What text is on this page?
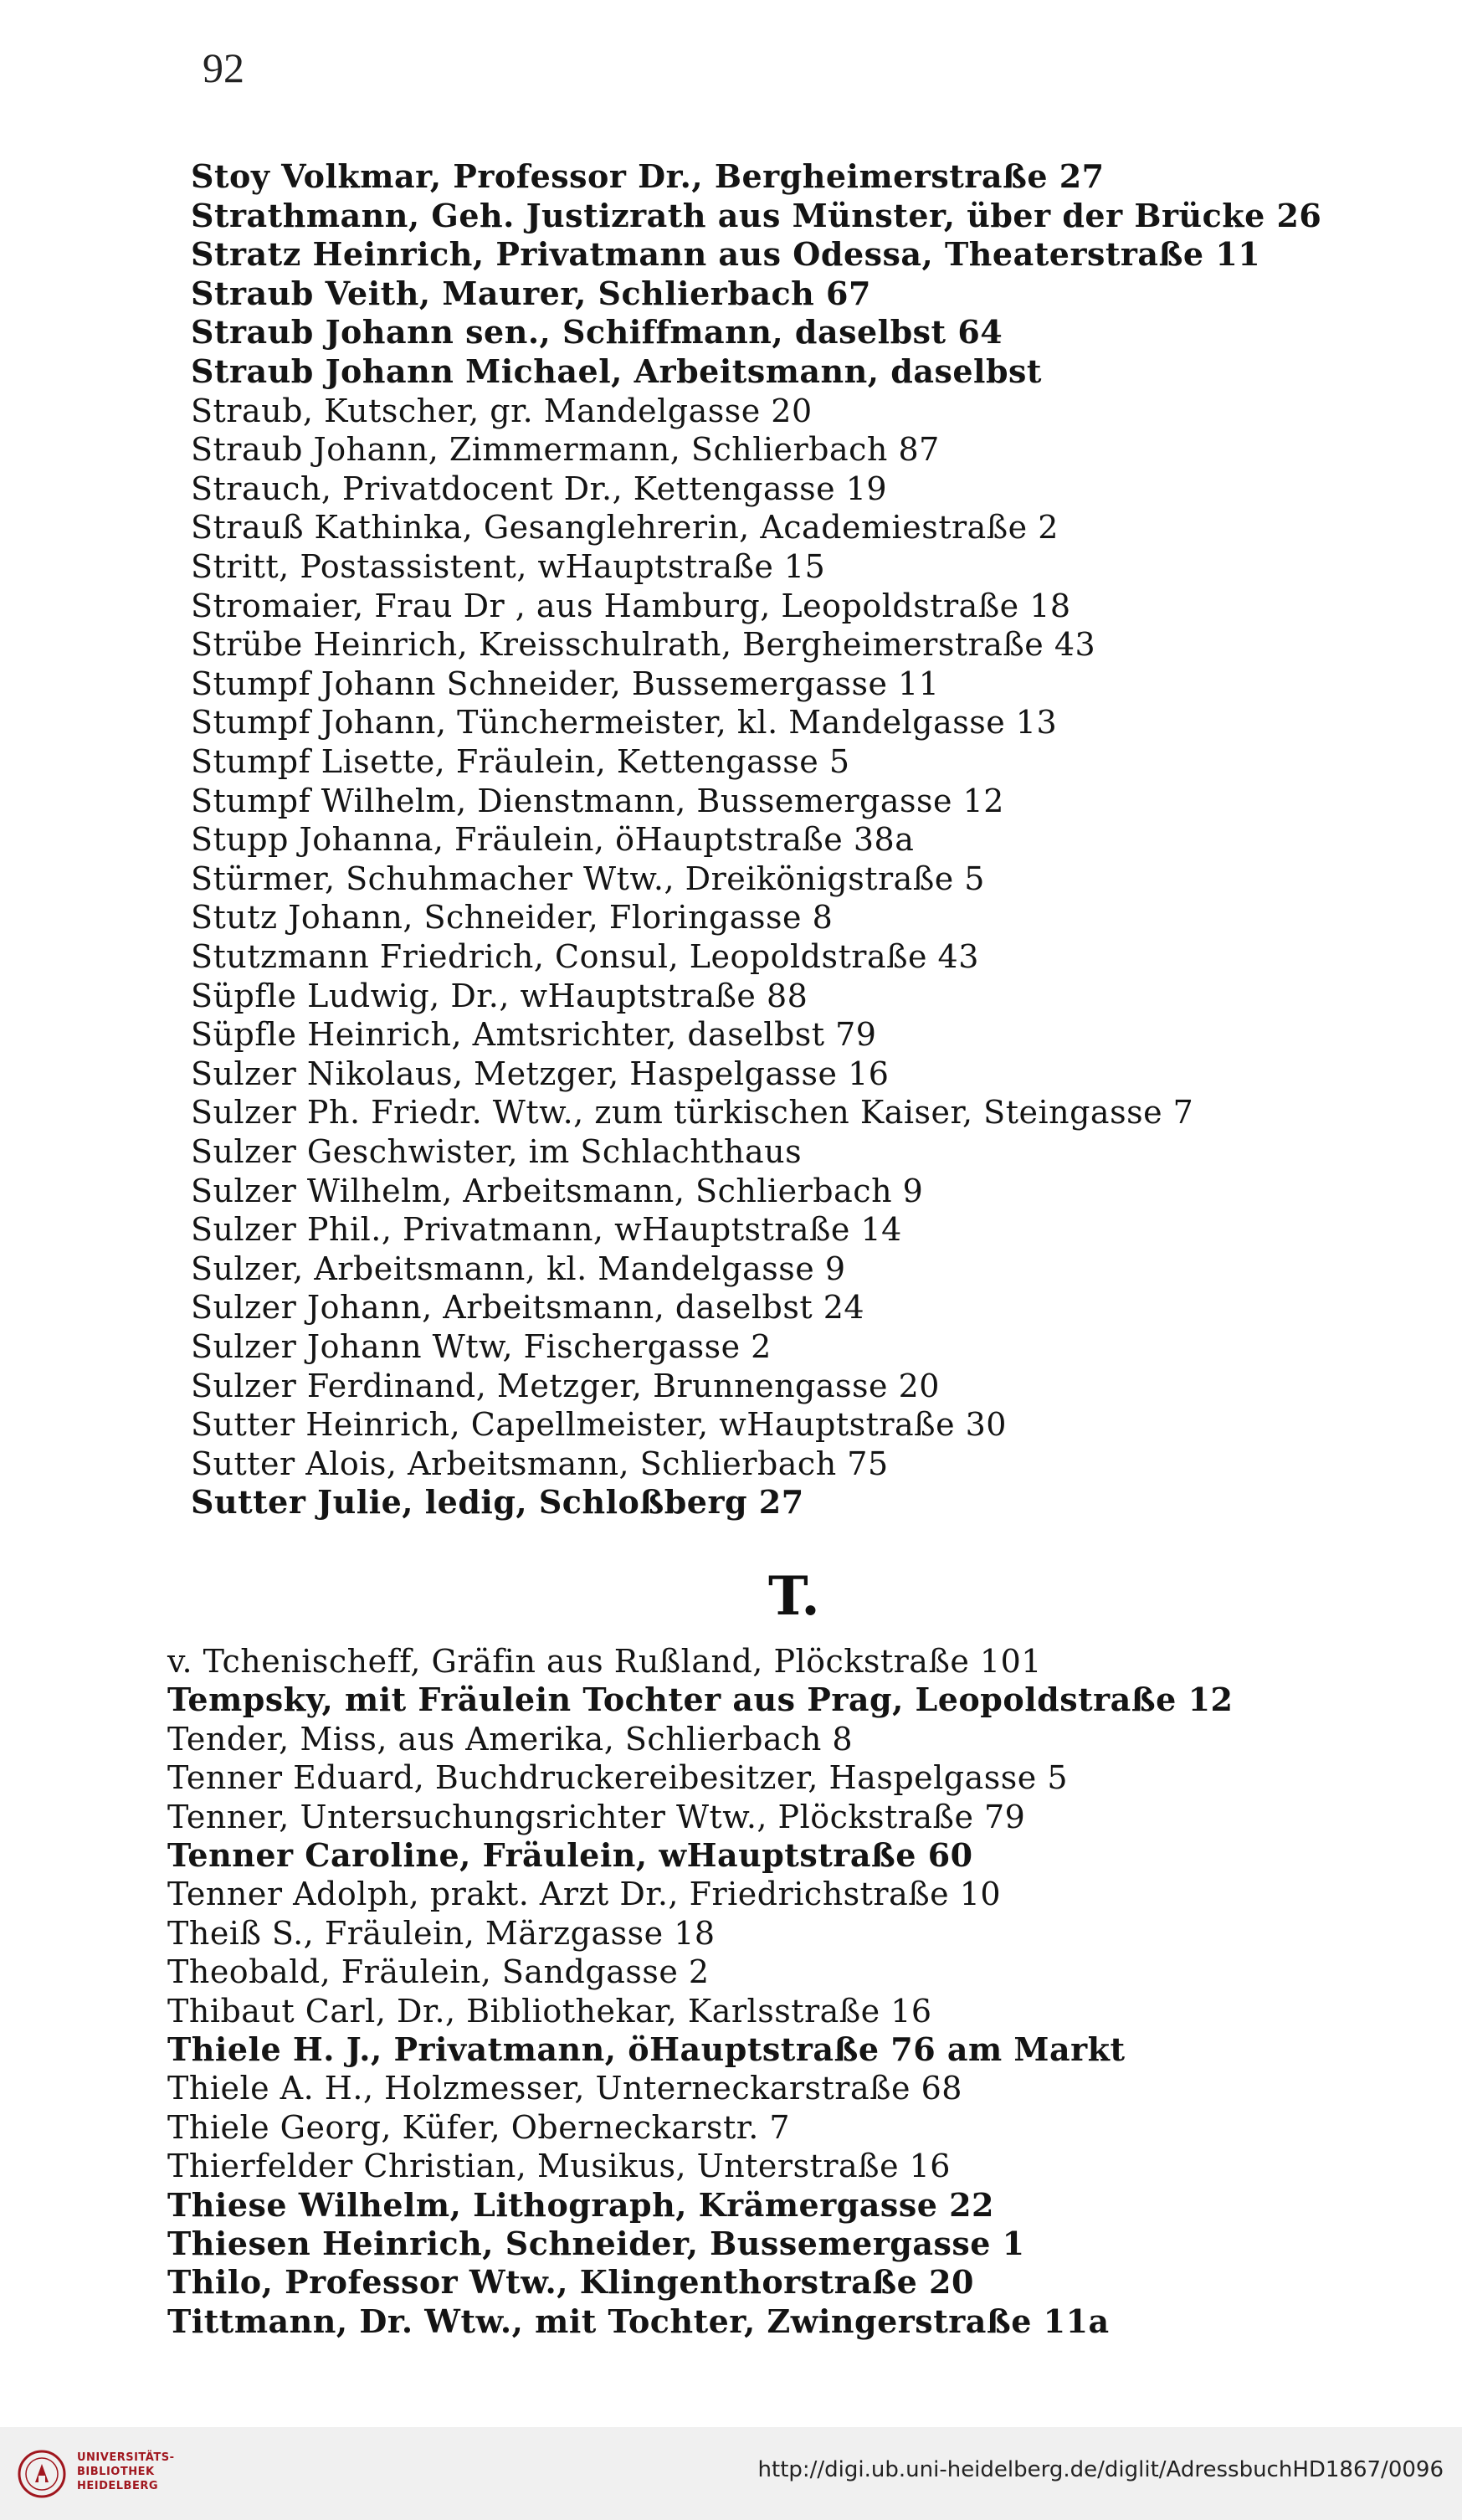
92
Stoy Volkmar, Professor Dr., Bergheimerstraße 27
Strathmann, Geh. Justizrath aus Münster, über der Brücke 26
Stratz Heinrich, Privatmann aus Odessa, Theaterstraße 11
Straub Veith, Maurer, Schlierbach 67
Straub Johann sen., Schiffmann, daselbst 64
Straub Johann Michael, Arbeitsmann, daselbst
Straub, Kutscher, gr. Mandelgasse 20
Straub Johann, Zimmermann, Schlierbach 87
Strauch, Privatdocent Dr., Kettengasse 19
Strauß Kathinka, Gesanglehrerin, Academiestraße 2
Stritt, Postassistent, wHauptstraße 15
Stromaier, Frau Dr , aus Hamburg, Leopoldstraße 18
Strübe Heinrich, Kreisschulrath, Bergheimerstraße 43
Stumpf Johann Schneider, Bussemergasse 11
Stumpf Johann, Tünchermeister, kl. Mandelgasse 13
Stumpf Lisette, Fräulein, Kettengasse 5
Stumpf Wilhelm, Dienstmann, Bussemergasse 12
Stupp Johanna, Fräulein, öHauptstraße 38a
Stürmer, Schuhmacher Wtw., Dreikönigstraße 5
Stutz Johann, Schneider, Floringasse 8
Stutzmann Friedrich, Consul, Leopoldstraße 43
Süpfle Ludwig, Dr., wHauptstraße 88
Süpfle Heinrich, Amtsrichter, daselbst 79
Sulzer Nikolaus, Metzger, Haspelgasse 16
Sulzer Ph. Friedr. Wtw., zum türkischen Kaiser, Steingasse 7
Sulzer Geschwister, im Schlachthaus
Sulzer Wilhelm, Arbeitsmann, Schlierbach 9
Sulzer Phil., Privatmann, wHauptstraße 14
Sulzer, Arbeitsmann, kl. Mandelgasse 9
Sulzer Johann, Arbeitsmann, daselbst 24
Sulzer Johann Wtw, Fischergasse 2
Sulzer Ferdinand, Metzger, Brunnengasse 20
Sutter Heinrich, Capellmeister, wHauptstraße 30
Sutter Alois, Arbeitsmann, Schlierbach 75
Sutter Julie, ledig, Schloßberg 27
T.
v. Tchenischeff, Gräfin aus Rußland, Plöckstraße 101
Tempsky, mit Fräulein Tochter aus Prag, Leopoldstraße 12
Tender, Miss, aus Amerika, Schlierbach 8
Tenner Eduard, Buchdruckereibesitzer, Haspelgasse 5
Tenner, Untersuchungsrichter Wtw., Plöckstraße 79
Tenner Caroline, Fräulein, wHauptstraße 60
Tenner Adolph, prakt. Arzt Dr., Friedrichstraße 10
Theiß S., Fräulein, Märzgasse 18
Theobald, Fräulein, Sandgasse 2
Thibaut Carl, Dr., Bibliothekar, Karlsstraße 16
Thiele H. J., Privatmann, öHauptstraße 76 am Markt
Thiele A. H., Holzmesser, Unterneckarstraße 68
Thiele Georg, Küfer, Oberneckarstr. 7
Thierfelder Christian, Musikus, Unterstraße 16
Thiese Wilhelm, Lithograph, Krämergasse 22
Thiesen Heinrich, Schneider, Bussemergasse 1
Thilo, Professor Wtw., Klingenthorstraße 20
Tittmann, Dr. Wtw., mit Tochter, Zwingerstraße 11a
UNIVERSITÄTS-
BIBLIOTHEK
HEIDELBERG
http://digi.ub.uni-heidelberg.de/diglit/AdressbuchHD1867/0096
